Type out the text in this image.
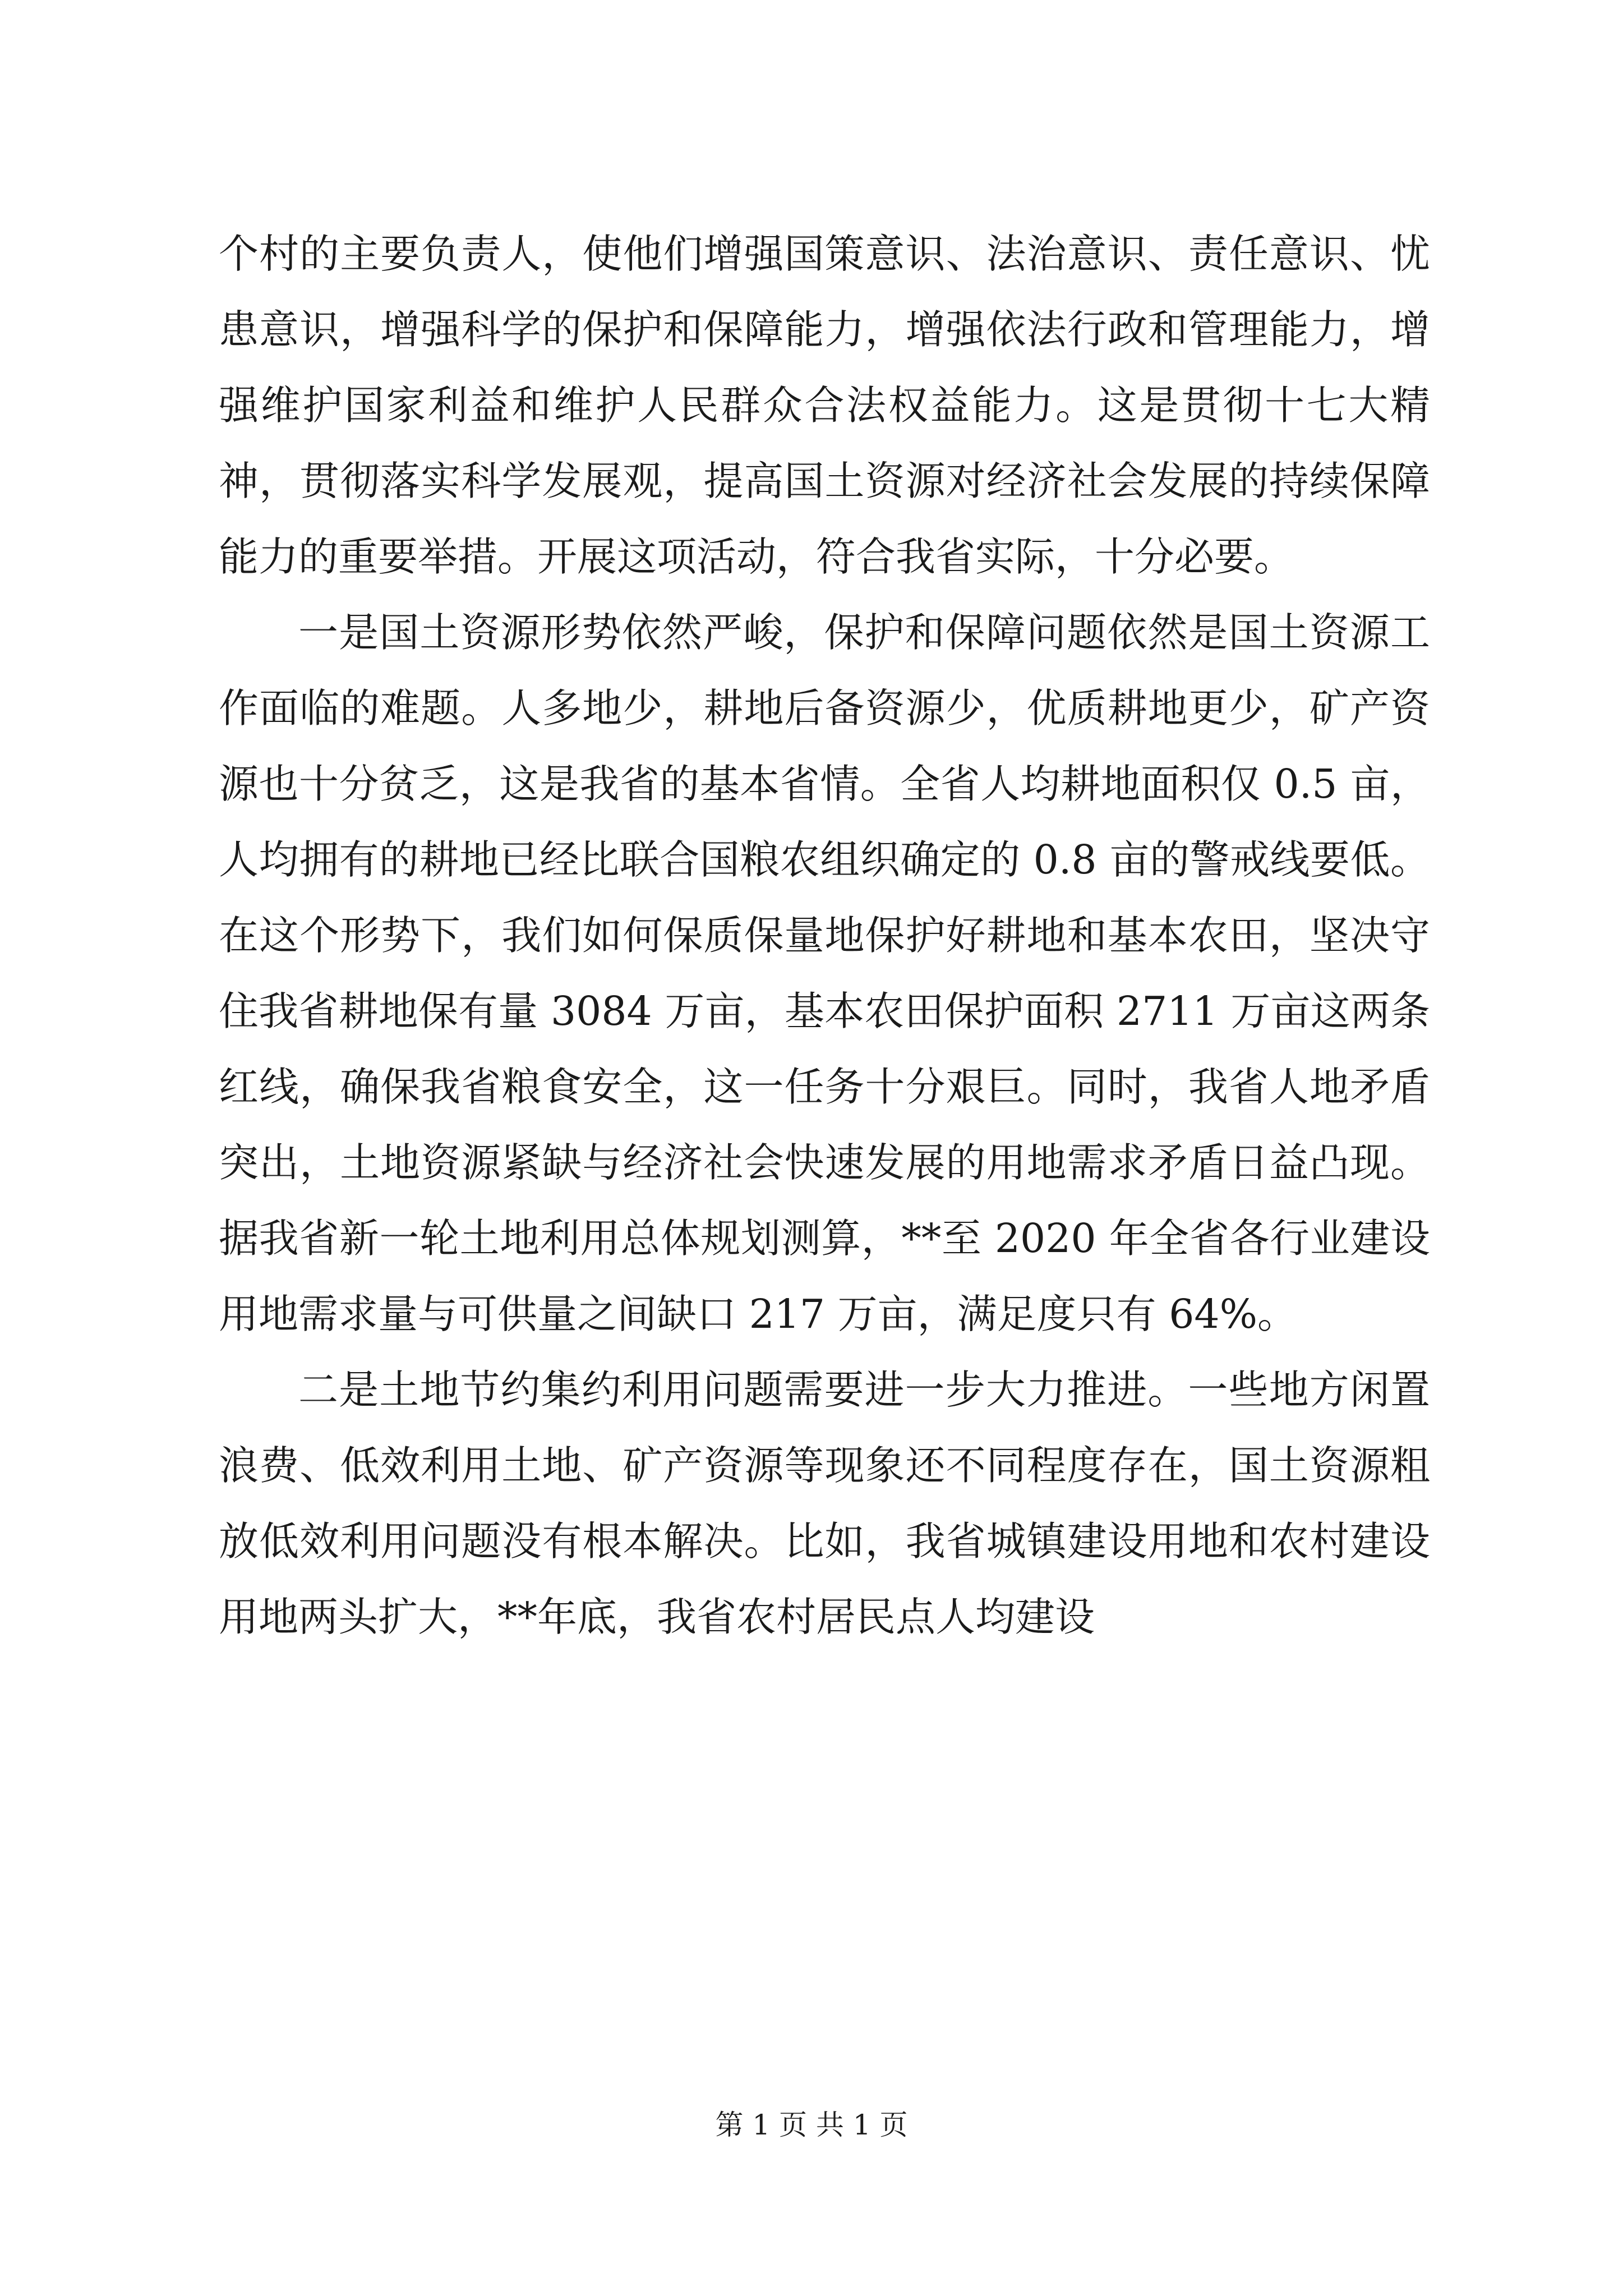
个村的主要负责人，使他们增强国策意识、法治意识、责任意识、忧患意识，增强科学的保护和保障能力，增强依法行政和管理能力，增强维护国家利益和维护人民群众合法权益能力。这是贯彻十七大精神，贯彻落实科学发展观，提高国土资源对经济社会发展的持续保障能力的重要举措。开展这项活动，符合我省实际，十分必要。

一是国土资源形势依然严峻，保护和保障问题依然是国土资源工作面临的难题。人多地少，耕地后备资源少，优质耕地更少，矿产资源也十分贫乏，这是我省的基本省情。全省人均耕地面积仅 0.5 亩，人均拥有的耕地已经比联合国粮农组织确定的 0.8 亩的警戒线要低。在这个形势下，我们如何保质保量地保护好耕地和基本农田，坚决守住我省耕地保有量 3084 万亩，基本农田保护面积 2711 万亩这两条红线，确保我省粮食安全，这一任务十分艰巨。同时，我省人地矛盾突出，土地资源紧缺与经济社会快速发展的用地需求矛盾日益凸现。据我省新一轮土地利用总体规划测算，**至 2020 年全省各行业建设用地需求量与可供量之间缺口 217 万亩，满足度只有 64%。

二是土地节约集约利用问题需要进一步大力推进。一些地方闲置浪费、低效利用土地、矿产资源等现象还不同程度存在，国土资源粗放低效利用问题没有根本解决。比如，我省城镇建设用地和农村建设用地两头扩大，**年底，我省农村居民点人均建设

第 1 页 共 1 页
